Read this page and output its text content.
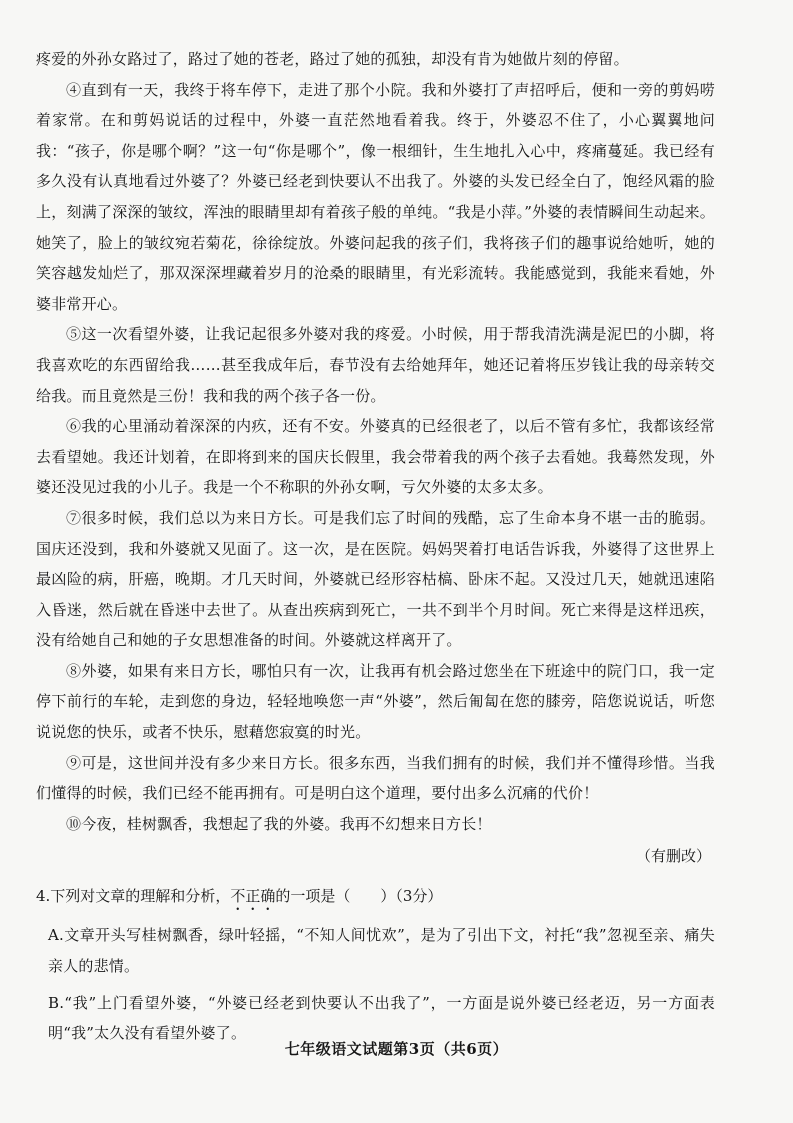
疼爱的外孙女路过了，路过了她的苍老，路过了她的孤独，却没有肯为她做片刻的停留。

④直到有一天，我终于将车停下，走进了那个小院。我和外婆打了声招呼后，便和一旁的剪妈唠着家常。在和剪妈说话的过程中，外婆一直茫然地看着我。终于，外婆忍不住了，小心翼翼地问我：“孩子，你是哪个啊？”这一句“你是哪个”，像一根细针，生生地扎入心中，疼痛蔓延。我已经有多久没有认真地看过外婆了？外婆已经老到快要认不出我了。外婆的头发已经全白了，饱经风霜的脸上，刻满了深深的皱纹，浑浊的眼睛里却有着孩子般的单纯。“我是小萍。”外婆的表情瞬间生动起来。她笑了，脸上的皱纹宛若菊花，徐徐绽放。外婆问起我的孩子们，我将孩子们的趣事说给她听，她的笑容越发灿烂了，那双深深埋藏着岁月的沧桑的眼睛里，有光彩流转。我能感觉到，我能来看她，外婆非常开心。

⑤这一次看望外婆，让我记起很多外婆对我的疼爱。小时候，用于帮我清洗满是泥巴的小脚，将我喜欢吃的东西留给我……甚至我成年后，春节没有去给她拜年，她还记着将压岁钱让我的母亲转交给我。而且竟然是三份！我和我的两个孩子各一份。

⑥我的心里涌动着深深的内疚，还有不安。外婆真的已经很老了，以后不管有多忙，我都该经常去看望她。我还计划着，在即将到来的国庆长假里，我会带着我的两个孩子去看她。我蓦然发现，外婆还没见过我的小儿子。我是一个不称职的外孙女啊，亏欠外婆的太多太多。

⑦很多时候，我们总以为来日方长。可是我们忘了时间的残酷，忘了生命本身不堪一击的脆弱。国庆还没到，我和外婆就又见面了。这一次，是在医院。妈妈哭着打电话告诉我，外婆得了这世界上最凶险的病，肝癌，晚期。才几天时间，外婆就已经形容枯槁、卧床不起。又没过几天，她就迅速陷入昏迷，然后就在昏迷中去世了。从查出疾病到死亡，一共不到半个月时间。死亡来得是这样迅疾，没有给她自己和她的子女思想准备的时间。外婆就这样离开了。

⑧外婆，如果有来日方长，哪怕只有一次，让我再有机会路过您坐在下班途中的院门口，我一定停下前行的车轮，走到您的身边，轻轻地唤您一声“外婆”，然后匍匐在您的膝旁，陪您说说话，听您说说您的快乐，或者不快乐，慰藉您寂寞的时光。

⑨可是，这世间并没有多少来日方长。很多东西，当我们拥有的时候，我们并不懂得珍惜。当我们懂得的时候，我们已经不能再拥有。可是明白这个道理，要付出多么沉痛的代价！

⑩今夜，桂树飘香，我想起了我的外婆。我再不幻想来日方长！

（有删改）

4.下列对文章的理解和分析，不正确的一项是（　　）（3分）

A.文章开头写桂树飘香，绿叶轻摇，“不知人间忧欢”，是为了引出下文，衬托“我”忽视至亲、痛失亲人的悲情。

B.“我”上门看望外婆，“外婆已经老到快要认不出我了”，一方面是说外婆已经老迈，另一方面表明“我”太久没有看望外婆了。

七年级语文试题第3页（共6页）
